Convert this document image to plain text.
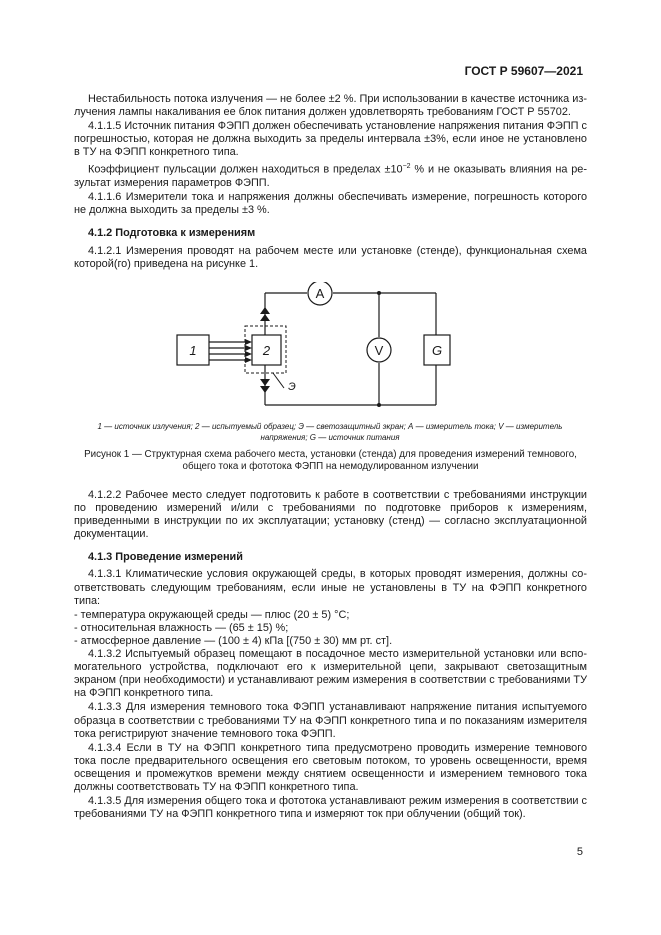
ГОСТ Р 59607—2021

Нестабильность потока излучения — не более ±2 %. При использовании в качестве источника излучения лампы накаливания ее блок питания должен удовлетворять требованиям ГОСТ Р 55702.

4.1.1.5 Источник питания ФЭПП должен обеспечивать установление напряжения питания ФЭПП с погрешностью, которая не должна выходить за пределы интервала ±3%, если иное не установлено в ТУ на ФЭПП конкретного типа.

Коэффициент пульсации должен находиться в пределах $\pm 10^{-2}$ % и не оказывать влияния на результат измерения параметров ФЭПП.

4.1.1.6 Измерители тока и напряжения должны обеспечивать измерение, погрешность которого не должна выходить за пределы ±3 %.

4.1.2 Подготовка к измерениям

4.1.2.1 Измерения проводят на рабочем месте или установке (стенде), функциональная схема которой(го) приведена на рисунке 1.

1	2
A
V	G
Э
1 — источник излучения; 2 — испытуемый образец; Э — светозащитный экран; А — измеритель тока; V — измеритель
напряжения; G — источник питания
Рисунок 1 — Структурная схема рабочего места, установки (стенда) для проведения измерений темнового,
общего тока и фототока ФЭПП на немодулированном излучении

4.1.2.2 Рабочее место следует подготовить к работе в соответствии с требованиями инструкции по проведению измерений и/или с требованиями по подготовке приборов к измерениям, приведенными в инструкции по их эксплуатации; установку (стенд) — согласно эксплуатационной документации.

4.1.3 Проведение измерений

4.1.3.1 Климатические условия окружающей среды, в которых проводят измерения, должны соответствовать следующим требованиям, если иные не установлены в ТУ на ФЭПП конкретного типа:

- температура окружающей среды — плюс (20 ± 5) °С;

- относительная влажность — (65 ± 15) %;

- атмосферное давление — (100 ± 4) кПа [(750 ± 30) мм рт. ст].

4.1.3.2 Испытуемый образец помещают в посадочное место измерительной установки или вспомогательного устройства, подключают его к измерительной цепи, закрывают светозащитным экраном (при необходимости) и устанавливают режим измерения в соответствии с требованиями ТУ на ФЭПП конкретного типа.

4.1.3.3 Для измерения темнового тока ФЭПП устанавливают напряжение питания испытуемого образца в соответствии с требованиями ТУ на ФЭПП конкретного типа и по показаниям измерителя тока регистрируют значение темнового тока ФЭПП.

4.1.3.4 Если в ТУ на ФЭПП конкретного типа предусмотрено проводить измерение темнового тока после предварительного освещения его световым потоком, то уровень освещенности, время освещения и промежутков времени между снятием освещенности и измерением темнового тока должны соответствовать ТУ на ФЭПП конкретного типа.

4.1.3.5 Для измерения общего тока и фототока устанавливают режим измерения в соответствии с требованиями ТУ на ФЭПП конкретного типа и измеряют ток при облучении (общий ток).

5
